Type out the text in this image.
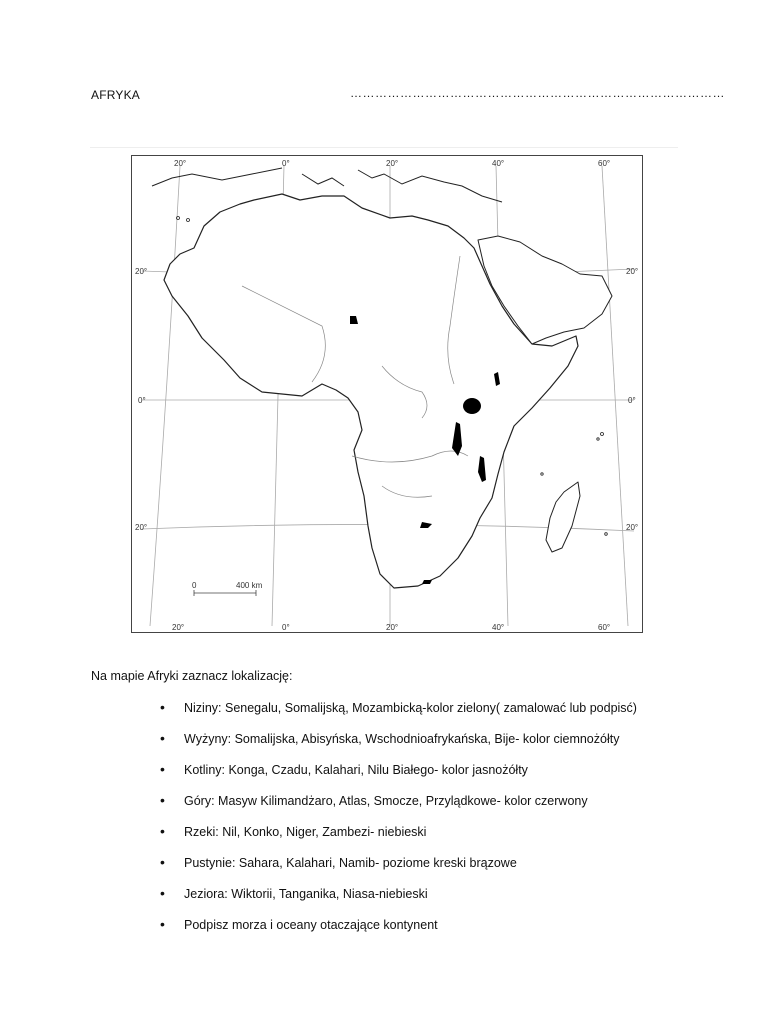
AFRYKA	………………………………………………………………………………
0	400 km
20°	0°	20°	40°	60°
20°	0°	20°	40°	60°
20°
0°
20°
20°
0°
20°
Na mapie Afryki zaznacz lokalizację:
• Niziny: Senegalu, Somalijską, Mozambicką-kolor zielony( zamalować lub podpisć)
• Wyżyny: Somalijska, Abisyńska, Wschodnioafrykańska, Bije- kolor ciemnożółty
• Kotliny: Konga, Czadu, Kalahari, Nilu Białego- kolor jasnożółty
• Góry: Masyw Kilimandżaro, Atlas, Smocze, Przylądkowe- kolor czerwony
• Rzeki: Nil, Konko, Niger, Zambezi- niebieski
• Pustynie: Sahara, Kalahari, Namib- poziome kreski brązowe
• Jeziora: Wiktorii, Tanganika, Niasa-niebieski
• Podpisz morza i oceany otaczające kontynent
